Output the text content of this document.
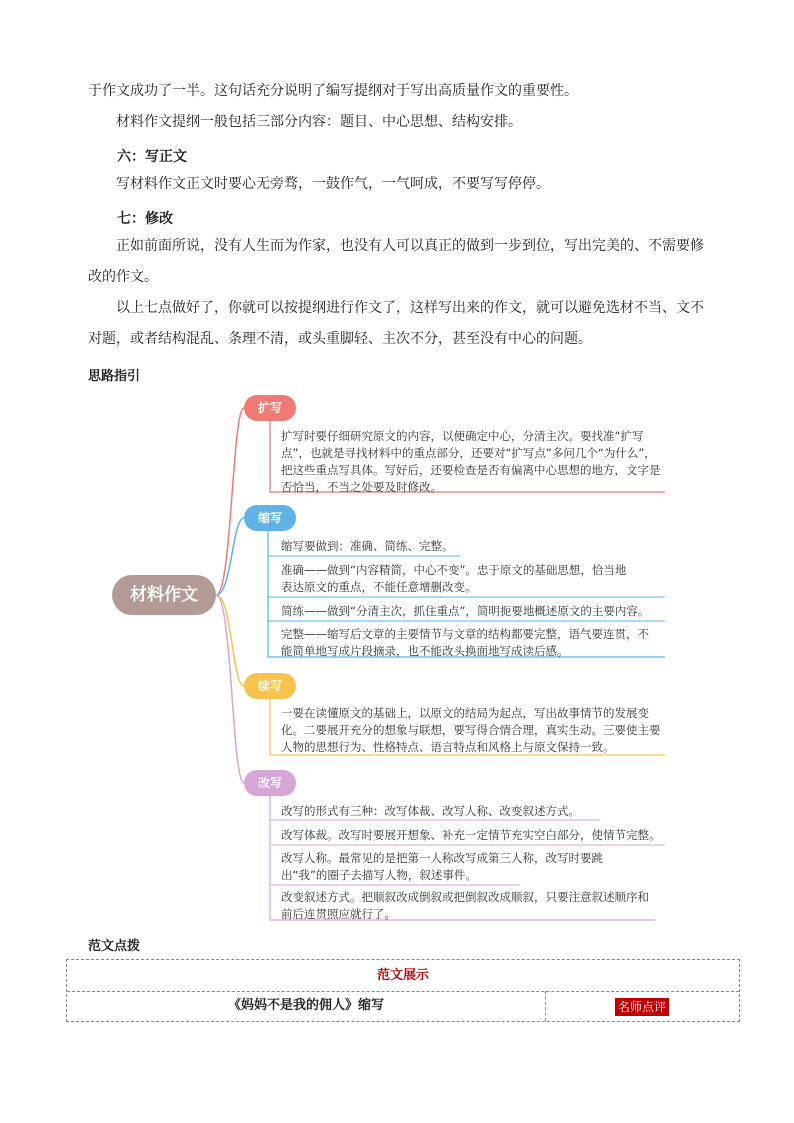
于作文成功了一半。这句话充分说明了编写提纲对于写出高质量作文的重要性。

材料作文提纲一般包括三部分内容：题目、中心思想、结构安排。

六：写正文

写材料作文正文时要心无旁骛，一鼓作气，一气呵成，不要写写停停。

七：修改

正如前面所说，没有人生而为作家，也没有人可以真正的做到一步到位，写出完美的、不需要修改的作文。

以上七点做好了，你就可以按提纲进行作文了，这样写出来的作文，就可以避免选材不当、文不对题，或者结构混乱、条理不清，或头重脚轻、主次不分，甚至没有中心的问题。

思路指引
材料作文
扩写

扩写时要仔细研究原文的内容，以便确定中心，分清主次。要找准“扩写点”，也就是寻找材料中的重点部分，还要对“扩写点”多问几个“为什么”，把这些重点写具体。写好后，还要检查是否有偏离中心思想的地方，文字是否恰当，不当之处要及时修改。

缩写

缩写要做到：准确、简练、完整。

准确——做到“内容精简，中心不变”。忠于原文的基础思想，恰当地表达原文的重点，不能任意增删改变。

简练——做到“分清主次，抓住重点”，简明扼要地概述原文的主要内容。

完整——缩写后文章的主要情节与文章的结构都要完整，语气要连贯，不能简单地写成片段摘录，也不能改头换面地写成读后感。

续写

一要在读懂原文的基础上，以原文的结局为起点，写出故事情节的发展变化。二要展开充分的想象与联想，要写得合情合理，真实生动。三要使主要人物的思想行为、性格特点、语言特点和风格上与原文保持一致。

改写

改写的形式有三种：改写体裁、改写人称、改变叙述方式。

改写体裁。改写时要展开想象、补充一定情节充实空白部分，使情节完整。

改写人称。最常见的是把第一人称改写成第三人称，改写时要跳出“我”的圈子去描写人物，叙述事件。

改变叙述方式。把顺叙改成倒叙或把倒叙改成顺叙，只要注意叙述顺序和前后连贯照应就行了。

范文点拨
范文展示
《妈妈不是我的佣人》缩写	名师点评
